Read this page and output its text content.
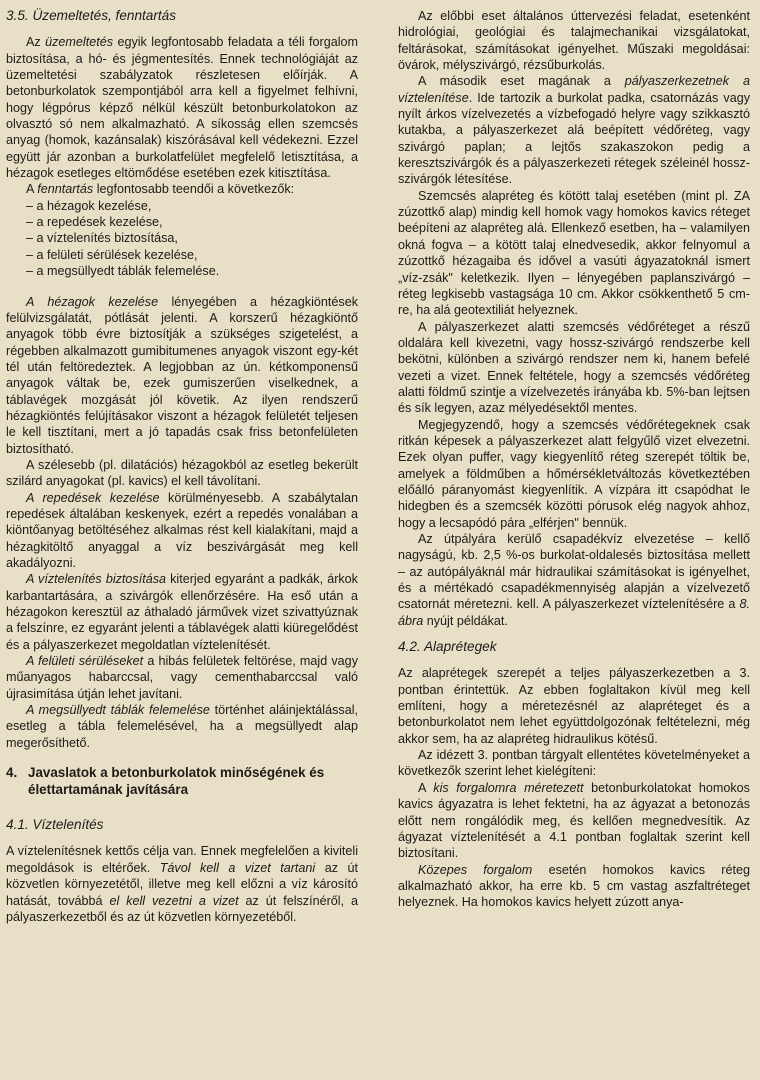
3.5. Üzemeltetés, fenntartás

Az üzemeltetés egyik legfontosabb feladata a téli forgalom biztosítása, a hó- és jégmentesítés. Ennek technológiáját az üzemeltetési szabályzatok részletesen előírják. A betonburkolatok szempontjából arra kell a figyelmet felhívni, hogy légpórus képző nélkül készült betonburkolatokon az olvasztó só nem alkalmazható. A síkosság ellen szemcsés anyag (homok, kazánsalak) kiszórásával kell védekezni. Ezzel együtt jár azonban a burkolatfelület megfelelő letisztítása, a hézagok esetleges eltömődése esetében ezek kitisztítása.

A fenntartás legfontosabb teendői a következők:

– a hézagok kezelése,
– a repedések kezelése,
– a víztelenítés biztosítása,
– a felületi sérülések kezelése,
– a megsüllyedt táblák felemelése.

A hézagok kezelése lényegében a hézagkiöntések felülvizsgálatát, pótlását jelenti. A korszerű hézagkiöntő anyagok több évre biztosítják a szükséges szigetelést, a régebben alkalmazott gumibitumenes anyagok viszont egy-két tél után feltöredeztek. A legjobban az ún. kétkomponensű anyagok váltak be, ezek gumiszerűen viselkednek, a táblavégek mozgását jól követik. Az ilyen rendszerű hézagkiöntés felújításakor viszont a hézagok felületét teljesen le kell tisztítani, mert a jó tapadás csak friss betonfelületen biztosítható.

A szélesebb (pl. dilatációs) hézagokból az esetleg bekerült szilárd anyagokat (pl. kavics) el kell távolítani.

A repedések kezelése körülményesebb. A szabálytalan repedések általában keskenyek, ezért a repedés vonalában a kiöntőanyag betöltéséhez alkalmas rést kell kialakítani, majd a hézagkitöltő anyaggal a víz beszivárgását meg kell akadályozni.

A víztelenítés biztosítása kiterjed egyaránt a padkák, árkok karbantartására, a szivárgók ellenőrzésére. Ha eső után a hézagokon keresztül az áthaladó járművek vizet szivattyúznak a felszínre, ez egyaránt jelenti a táblavégek alatti kiüregelődést és a pályaszerkezet megoldatlan víztelenítését.

A felületi sérüléseket a hibás felületek feltörése, majd vagy műanyagos habarccsal, vagy cementhabarccsal való újrasimítása útján lehet javítani.

A megsüllyedt táblák felemelése történhet aláinjektálással, esetleg a tábla felemelésével, ha a megsüllyedt alap megerősíthető.

4. Javaslatok a betonburkolatok minőségének és élettartamának javítására
4.1. Víztelenítés

A víztelenítésnek kettős célja van. Ennek megfelelően a kiviteli megoldások is eltérőek. Távol kell a vizet tartani az út közvetlen környezetétől, illetve meg kell előzni a víz károsító hatását, továbbá el kell vezetni a vizet az út felszínéről, a pályaszerkezetből és az út közvetlen környezetéből.

Az előbbi eset általános úttervezési feladat, esetenként hidrológiai, geológiai és talajmechanikai vizsgálatokat, feltárásokat, számításokat igényelhet. Műszaki megoldásai: övárok, mélyszivárgó, rézsűburkolás.

A második eset magának a pályaszerkezetnek a víztelenítése. Ide tartozik a burkolat padka, csatornázás vagy nyílt árkos vízelvezetés a vízbefogadó helyre vagy szikkasztó kutakba, a pályaszerkezet alá beépített védőréteg, vagy szivárgó paplan; a lejtős szakaszokon pedig a keresztszivárgók és a pályaszerkezeti rétegek széleinél hossz-szivárgók létesítése.

Szemcsés alapréteg és kötött talaj esetében (mint pl. ZA zúzottkő alap) mindig kell homok vagy homokos kavics réteget beépíteni az alapréteg alá. Ellenkező esetben, ha – valamilyen okná fogva – a kötött talaj elnedvesedik, akkor felnyomul a zúzottkő hézagaiba és idővel a vasúti ágyazatoknál ismert „víz-zsák" keletkezik. Ilyen – lényegében paplanszivárgó – réteg legkisebb vastagsága 10 cm. Akkor csökkenthető 5 cm-re, ha alá geotextiliát helyeznek.

A pályaszerkezet alatti szemcsés védőréteget a részű oldalára kell kivezetni, vagy hossz-szivárgó rendszerbe kell bekötni, különben a szivárgó rendszer nem ki, hanem befelé vezeti a vizet. Ennek feltétele, hogy a szemcsés védőréteg alatti földmű szintje a vízelvezetés irányába kb. 5%-ban lejtsen és sík legyen, azaz mélyedésektől mentes.

Megjegyzendő, hogy a szemcsés védőrétegeknek csak ritkán képesek a pályaszerkezet alatt felgyűlő vizet elvezetni. Ezek olyan puffer, vagy kiegyenlítő réteg szerepét töltik be, amelyek a földműben a hőmérsékletváltozás következtében előálló páranyomást kiegyenlítik. A vízpára itt csapódhat le hidegben és a szemcsék közötti pórusok elég nagyok ahhoz, hogy a lecsapódó pára „elférjen" bennük.

Az útpályára kerülő csapadékvíz elvezetése – kellő nagyságú, kb. 2,5 %-os burkolat-oldalesés biztosítása mellett – az autópályáknál már hidraulikai számításokat is igényelhet, és a mértékadó csapadékmennyiség alapján a vízelvezető csatornát méretezni. kell. A pályaszerkezet víztelenítésére a 8. ábra nyújt példákat.

4.2. Alaprétegek

Az alaprétegek szerepét a teljes pályaszerkezetben a 3. pontban érintettük. Az ebben foglaltakon kívül meg kell említeni, hogy a méretezésnél az alapréteget és a betonburkolatot nem lehet együttdolgozónak feltételezni, még akkor sem, ha az alapréteg hidraulikus kötésű.

Az idézett 3. pontban tárgyalt ellentétes követelményeket a következők szerint lehet kielégíteni:

A kis forgalomra méretezett betonburkolatokat homokos kavics ágyazatra is lehet fektetni, ha az ágyazat a betonozás előtt nem rongálódik meg, és kellően megnedvesítik. Az ágyazat víztelenítését a 4.1 pontban foglaltak szerint kell biztosítani.

Közepes forgalom esetén homokos kavics réteg alkalmazható akkor, ha erre kb. 5 cm vastag aszfaltréteget helyeznek. Ha homokos kavics helyett zúzott anya-
